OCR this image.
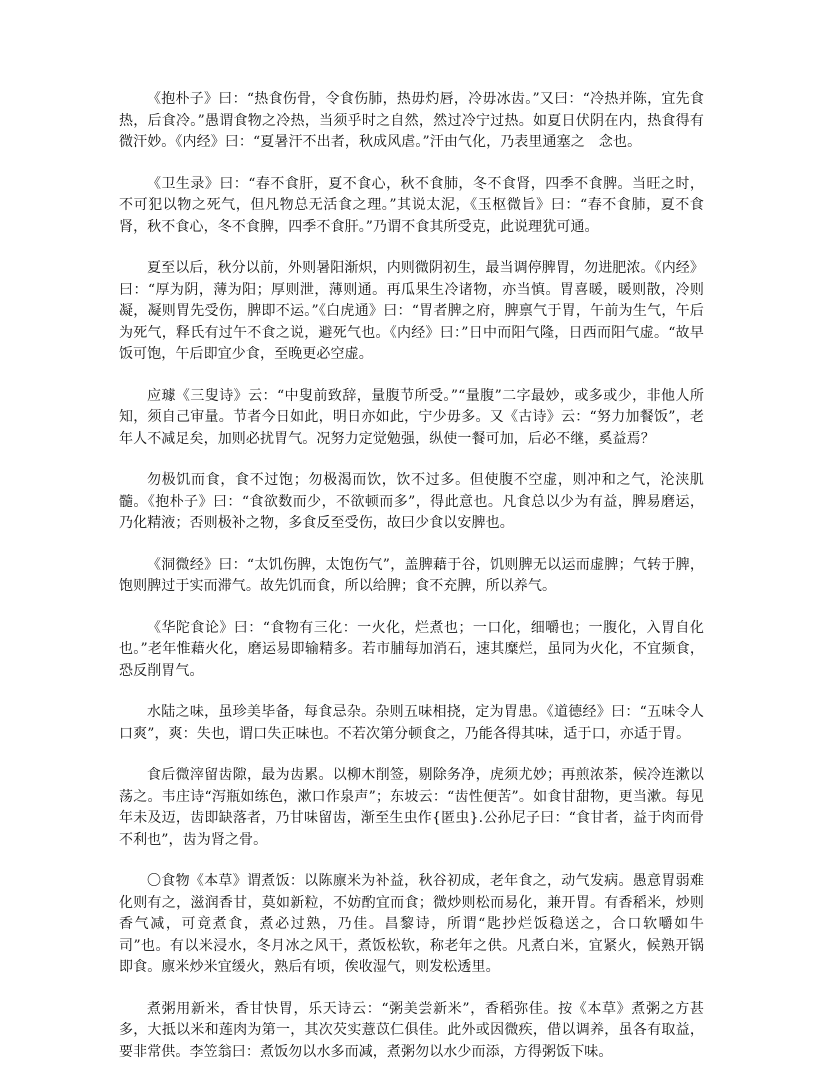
《抱朴子》曰：“热食伤骨，令食伤肺，热毋灼唇，冷毋冰齿。”又曰：“冷热并陈，宜先食热，后食冷。”愚谓食物之冷热，当须乎时之自然，然过冷宁过热。如夏日伏阴在内，热食得有微汗妙。《内经》曰：“夏暑汗不出者，秋成风虐。”汗由气化，乃表里通塞之　念也。

《卫生录》曰：“春不食肝，夏不食心，秋不食肺，冬不食肾，四季不食脾。当旺之时，不可犯以物之死气，但凡物总无活食之理。”其说太泥，《玉枢微旨》曰：“春不食肺，夏不食肾，秋不食心，冬不食脾，四季不食肝。”乃谓不食其所受克，此说理犹可通。

夏至以后，秋分以前，外则暑阳渐炽，内则微阴初生，最当调停脾胃，勿进肥浓。《内经》曰：“厚为阴，薄为阳；厚则泄，薄则通。再瓜果生冷诸物，亦当慎。胃喜暖，暖则散，冷则凝，凝则胃先受伤，脾即不运。”《白虎通》曰：“胃者脾之府，脾禀气于胃，午前为生气，午后为死气，释氏有过午不食之说，避死气也。《内经》曰：”日中而阳气隆，日西而阳气虚。“故早饭可饱，午后即宜少食，至晚更必空虚。

应璩《三叟诗》云：“中叟前致辞，量腹节所受。”“量腹”二字最妙，或多或少，非他人所知，须自己审量。节者今日如此，明日亦如此，宁少毋多。又《古诗》云：“努力加餐饭”，老年人不减足矣，加则必扰胃气。况努力定觉勉强，纵使一餐可加，后必不继，奚益焉？

勿极饥而食，食不过饱；勿极渴而饮，饮不过多。但使腹不空虚，则冲和之气，沦浃肌髓。《抱朴子》曰：“食欲数而少，不欲顿而多”，得此意也。凡食总以少为有益，脾易磨运，乃化精液；否则极补之物，多食反至受伤，故曰少食以安脾也。

《洞微经》曰：“太饥伤脾，太饱伤气”，盖脾藉于谷，饥则脾无以运而虚脾；气转于脾，饱则脾过于实而滞气。故先饥而食，所以给脾；食不充脾，所以养气。

《华陀食论》曰：“食物有三化：一火化，烂煮也；一口化，细嚼也；一腹化，入胃自化也。”老年惟藉火化，磨运易即输精多。若市脯每加消石，速其糜烂，虽同为火化，不宜频食，恐反削胃气。

水陆之味，虽珍美毕备，每食忌杂。杂则五味相挠，定为胃患。《道德经》曰：“五味令人口爽”，爽：失也，谓口失正味也。不若次第分顿食之，乃能各得其味，适于口，亦适于胃。

食后微滓留齿隙，最为齿累。以柳木削签，剔除务净，虎须尤妙；再煎浓茶，候冷连漱以荡之。韦庄诗“泻瓶如练色，漱口作泉声”；东坡云：“齿性便苦”。如食甘甜物，更当漱。每见年未及迈，齿即缺落者，乃甘味留齿，渐至生虫作{匿虫}.公孙尼子曰：“食甘者，益于肉而骨不利也”，齿为肾之骨。

〇食物《本草》谓煮饭：以陈廪米为补益，秋谷初成，老年食之，动气发病。愚意胃弱难化则有之，滋润香甘，莫如新粒，不妨酌宜而食；微炒则松而易化，兼开胃。有香稻米，炒则香气减，可竟煮食，煮必过熟，乃佳。昌黎诗，所谓“匙抄烂饭稳送之，合口软嚼如牛　司”也。有以米浸水，冬月冰之风干，煮饭松软，称老年之供。凡煮白米，宜紧火，候熟开锅即食。廪米炒米宜缓火，熟后有顷，俟收湿气，则发松透里。

煮粥用新米，香甘快胃，乐天诗云：“粥美尝新米”，香稻弥佳。按《本草》煮粥之方甚多，大抵以米和莲肉为第一，其次芡实薏苡仁俱佳。此外或因微疾，借以调养，虽各有取益，要非常供。李笠翁曰：煮饭勿以水多而减，煮粥勿以水少而添，方得粥饭下味。
